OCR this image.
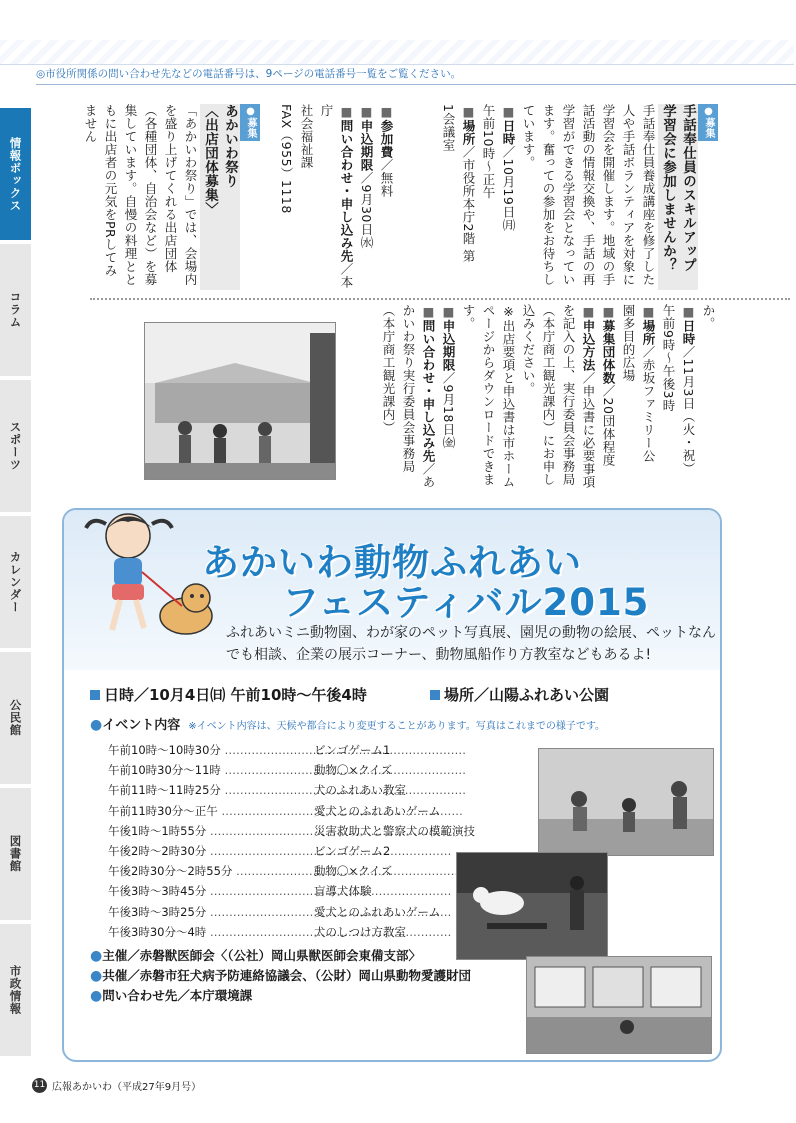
◎市役所関係の問い合わせ先などの電話番号は、9ページの電話番号一覧をご覧ください。
情報ボックス
コラム
スポーツ
カレンダー
公民館
図書館
市政情報

●募集

手話奉仕員のスキルアップ

学習会に参加しませんか？

手話奉仕員養成講座を修了した人や手話ボランティアを対象に学習会を開催します。地域の手話活動の情報交換や、手話の再学習ができる学習会となっています。奮っての参加をお待ちしています。

■日時／10月19日㈪

午前10時～正午

■場所／市役所本庁2階 第

1会議室

■参加費／無料

■申込期限／9月30日㈬

■問い合わせ・申し込み先／本庁

社会福祉課

FAX（955）1118

●募集

あかいわ祭り

〈出店団体募集〉

「あかいわ祭り」では、会場内を盛り上げてくれる出店団体（各種団体、自治会など）を募集しています。自慢の料理とともに出店者の元気をPRしてみません

か。

■日時／11月3日（火・祝）

午前9時～午後3時

■場所／赤坂ファミリー公

園多目的広場

■募集団体数／20団体程度

■申込方法／申込書に必要事項を記入の上、実行委員会事務局（本庁商工観光課内）にお申し込みください。

※出店要項と申込書は市ホームページからダウンロードできます。

■申込期限／9月18日㈮

■問い合わせ・申し込み先／あかいわ祭り実行委員会事務局（本庁商工観光課内）

あかいわ動物ふれあい
フェスティバル2015
ふれあいミニ動物園、わが家のペット写真展、園児の動物の絵展、ペットなんでも相談、企業の展示コーナー、動物風船作り方教室などもあるよ!
日時／10月4日㈰ 午前10時～午後4時	場所／山陽ふれあい公園
●イベント内容 ※イベント内容は、天候や都合により変更することがあります。写真はこれまでの様子です。
午前10時～10時30分 ………………………………………………………	ビンゴゲーム1
午前10時30分～11時 ………………………………………………………	動物〇×クイズ
午前11時～11時25分 ………………………………………………………	犬のふれあい教室
午前11時30分～正午 ………………………………………………………	愛犬とのふれあいゲーム
午後1時～1時55分 ………………………………………………………	災害救助犬と警察犬の模範演技
午後2時～2時30分 ………………………………………………………	ビンゴゲーム2
午後2時30分～2時55分 ………………………………………………………	動物〇×クイズ
午後3時～3時45分 ………………………………………………………	盲導犬体験
午後3時～3時25分 ………………………………………………………	愛犬とのふれあいゲーム
午後3時30分～4時 ………………………………………………………	犬のしつけ方教室
●主催／赤磐獣医師会〈（公社）岡山県獣医師会東備支部〉
●共催／赤磐市狂犬病予防連絡協議会、（公財）岡山県動物愛護財団
●問い合わせ先／本庁環境課
11 広報あかいわ（平成27年9月号）
